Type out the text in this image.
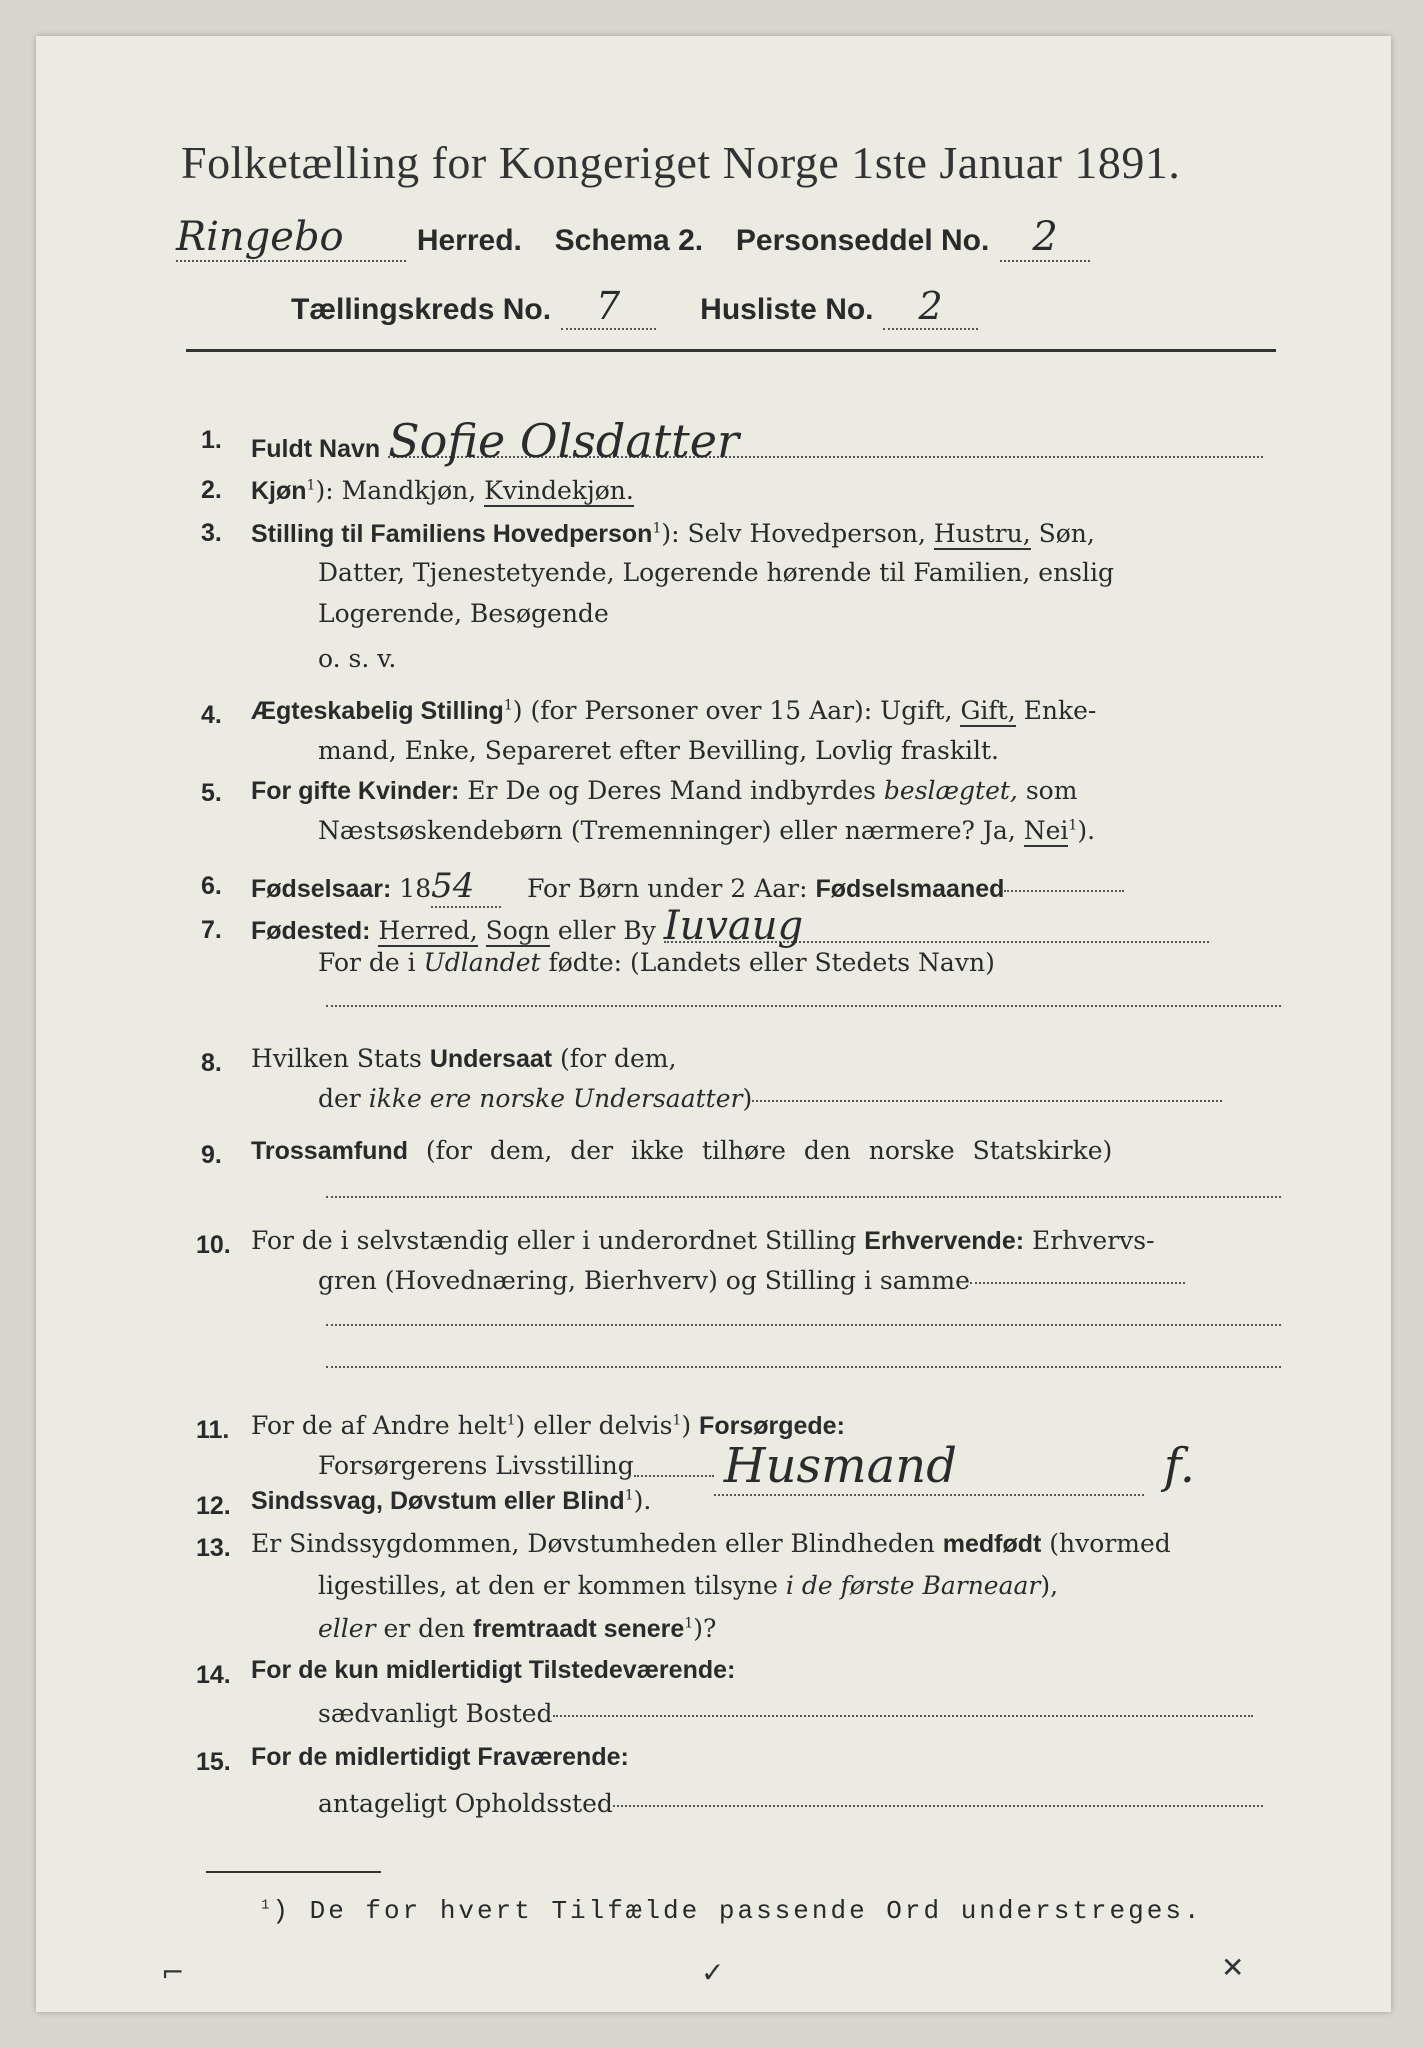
Folketælling for Kongeriget Norge 1ste Januar 1891.
Ringebo Herred. Schema 2. Personseddel No. 2
Tællingskreds No. 7	Husliste No. 2
1. Fuldt Navn Sofie Olsdatter
2. Kjøn$^1$): Mandkjøn, Kvindekjøn.
3. Stilling til Familiens Hovedperson$^1$): Selv Hovedperson, Hustru, Søn,
Datter, Tjenestetyende, Logerende hørende til Familien, enslig
Logerende, Besøgende
o. s. v.
4. Ægteskabelig Stilling$^1$) (for Personer over 15 Aar): Ugift, Gift, Enke-
mand, Enke, Separeret efter Bevilling, Lovlig fraskilt.
5. For gifte Kvinder: Er De og Deres Mand indbyrdes beslægtet, som
Næstsøskendebørn (Tremenninger) eller nærmere? Ja, Nei$^1$).
6. Fødselsaar: 1854 For Børn under 2 Aar: Fødselsmaaned
7. Fødested: Herred, Sogn eller By Iuvaug
For de i Udlandet fødte: (Landets eller Stedets Navn)
8. Hvilken Stats Undersaat (for dem,
der ikke ere norske Undersaatter)
9. Trossamfund (for dem, der ikke tilhøre den norske Statskirke)
10. For de i selvstændig eller i underordnet Stilling Erhvervende: Erhvervs-
gren (Hovednæring, Bierhverv) og Stilling i samme
11. For de af Andre helt$^1$) eller delvis$^1$) Forsørgede:
Forsørgerens Livsstilling Husmand	f.
12. Sindssvag, Døvstum eller Blind$^1$).
13. Er Sindssygdommen, Døvstumheden eller Blindheden medfødt (hvormed
ligestilles, at den er kommen tilsyne i de første Barneaar),
eller er den fremtraadt senere$^1$)?
14. For de kun midlertidigt Tilstedeværende:
sædvanligt Bosted
15. For de midlertidigt Fraværende:
antageligt Opholdssted
$^1$) De for hvert Tilfælde passende Ord understreges.
⌐	✓	✕
